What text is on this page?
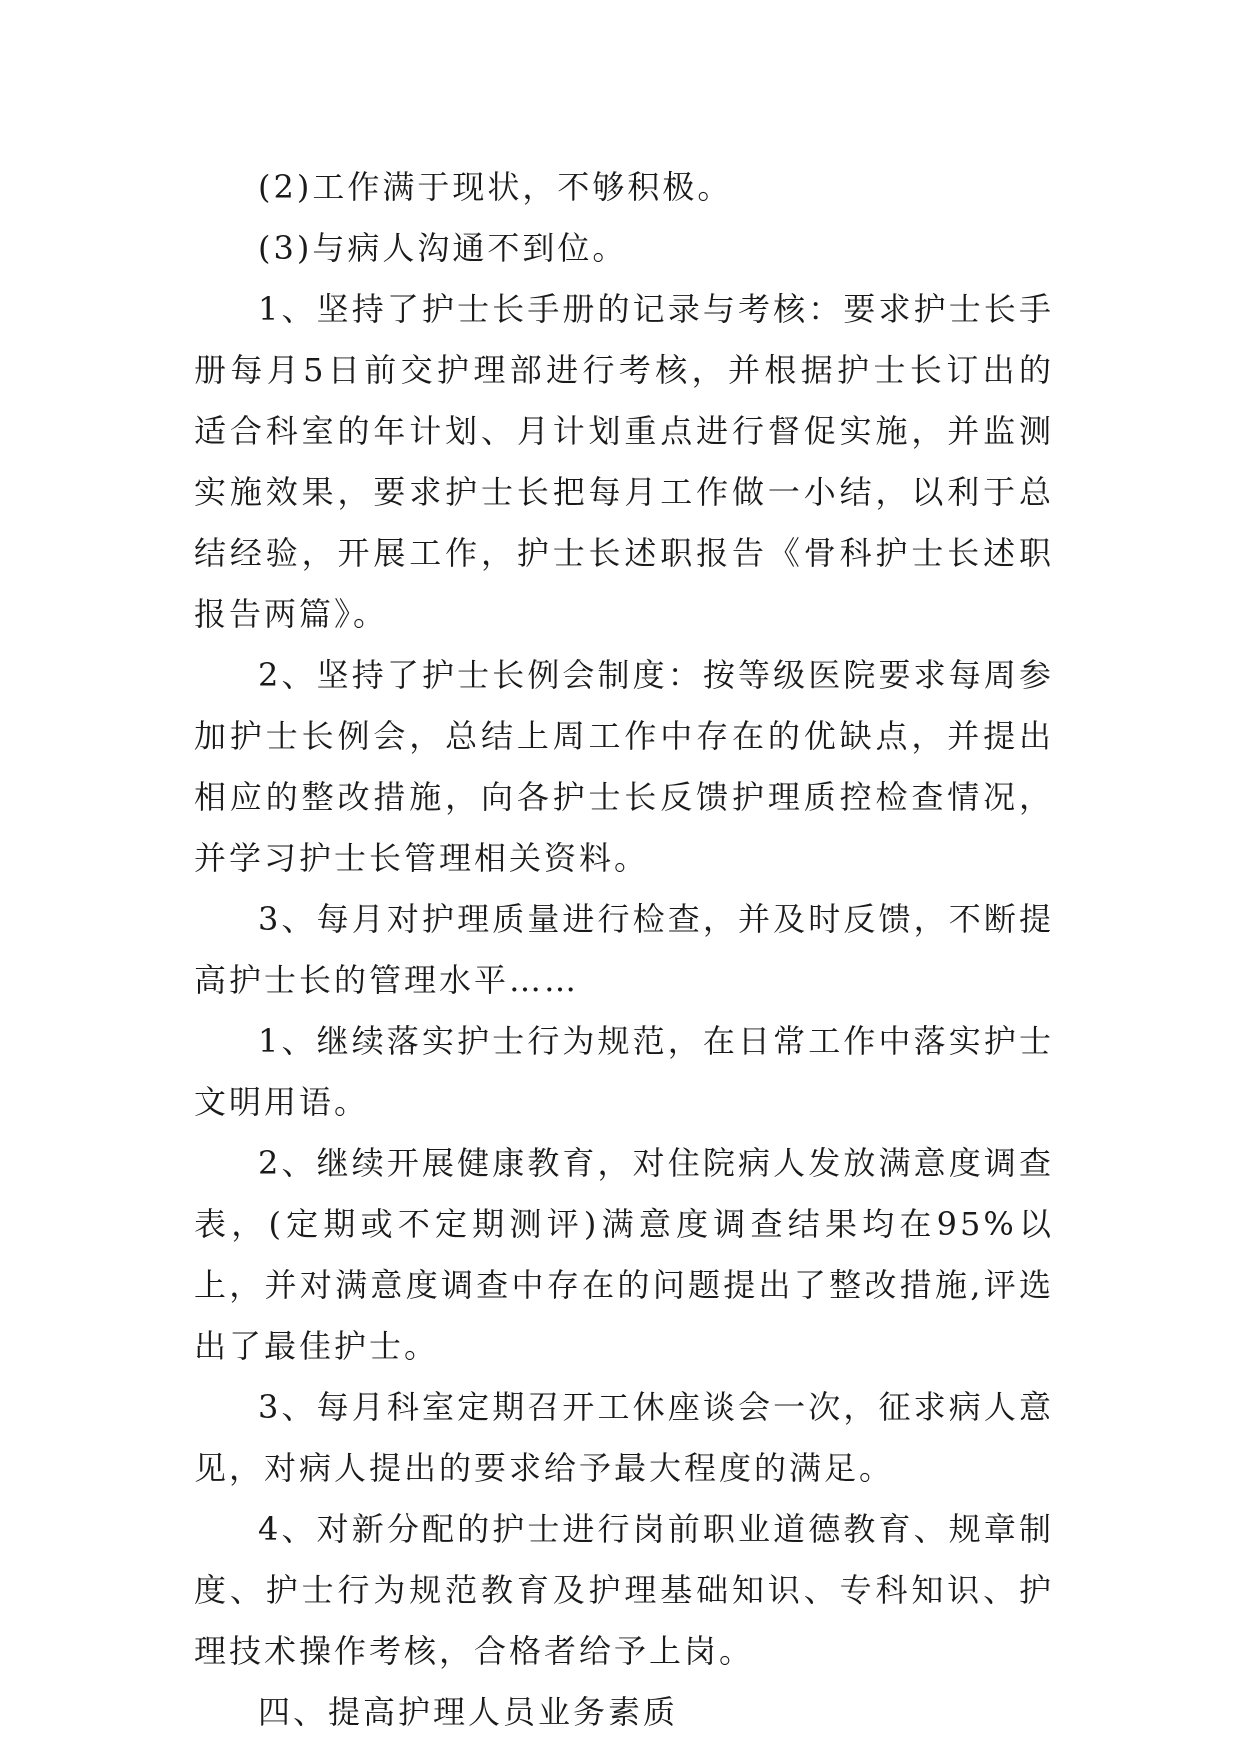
(2)工作满于现状，不够积极。

(3)与病人沟通不到位。

1、坚持了护士长手册的记录与考核：要求护士长手册每月5日前交护理部进行考核，并根据护士长订出的适合科室的年计划、月计划重点进行督促实施，并监测实施效果，要求护士长把每月工作做一小结，以利于总结经验，开展工作，护士长述职报告《骨科护士长述职报告两篇》。

2、坚持了护士长例会制度：按等级医院要求每周参加护士长例会，总结上周工作中存在的优缺点，并提出相应的整改措施，向各护士长反馈护理质控检查情况，并学习护士长管理相关资料。

3、每月对护理质量进行检查，并及时反馈，不断提高护士长的管理水平……

1、继续落实护士行为规范，在日常工作中落实护士文明用语。

2、继续开展健康教育，对住院病人发放满意度调查表，(定期或不定期测评)满意度调查结果均在95%以上，并对满意度调查中存在的问题提出了整改措施,评选出了最佳护士。

3、每月科室定期召开工休座谈会一次，征求病人意见，对病人提出的要求给予最大程度的满足。

4、对新分配的护士进行岗前职业道德教育、规章制度、护士行为规范教育及护理基础知识、专科知识、护理技术操作考核，合格者给予上岗。

四、提高护理人员业务素质
